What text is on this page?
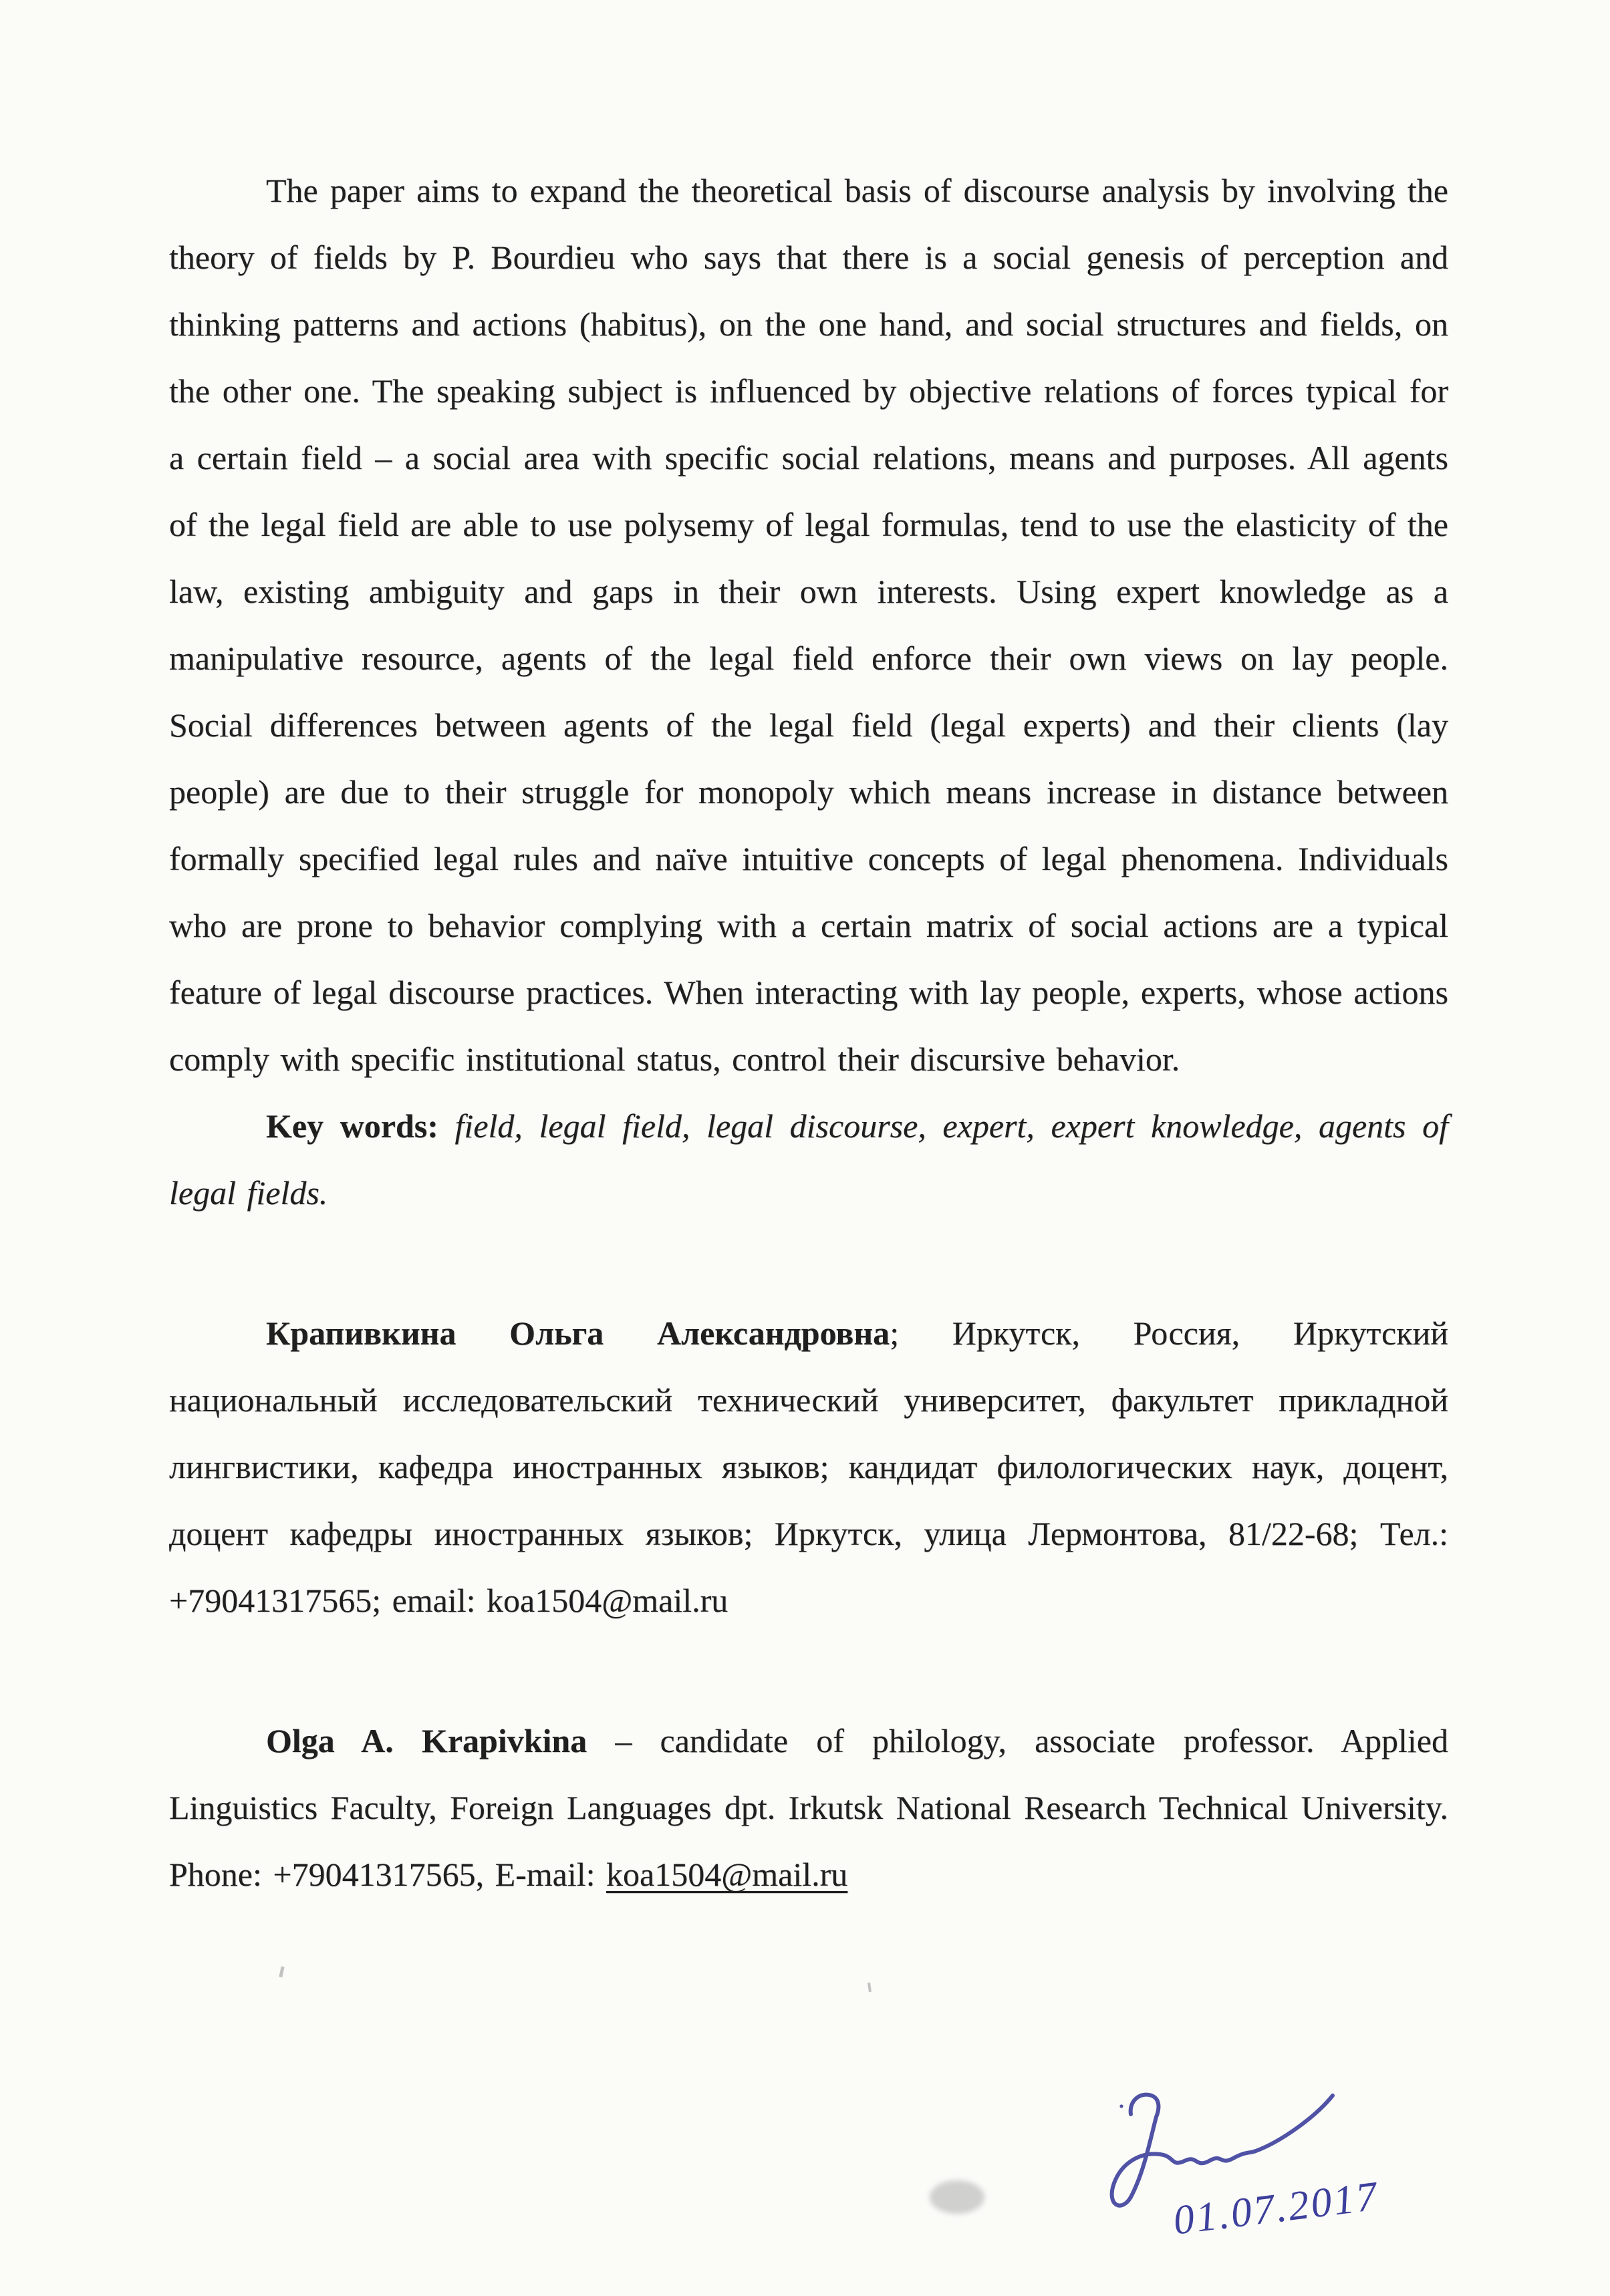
The paper aims to expand the theoretical basis of discourse analysis by involving the theory of fields by P. Bourdieu who says that there is a social genesis of perception and thinking patterns and actions (habitus), on the one hand, and social structures and fields, on the other one. The speaking subject is influenced by objective relations of forces typical for a certain field – a social area with specific social relations, means and purposes. All agents of the legal field are able to use polysemy of legal formulas, tend to use the elasticity of the law, existing ambiguity and gaps in their own interests. Using expert knowledge as a manipulative resource, agents of the legal field enforce their own views on lay people. Social differences between agents of the legal field (legal experts) and their clients (lay people) are due to their struggle for monopoly which means increase in distance between formally specified legal rules and naïve intuitive concepts of legal phenomena. Individuals who are prone to behavior complying with a certain matrix of social actions are a typical feature of legal discourse practices. When interacting with lay people, experts, whose actions comply with specific institutional status, control their discursive behavior.

Key words: field, legal field, legal discourse, expert, expert knowledge, agents of legal fields.

Крапивкина Ольга Александровна; Иркутск, Россия, Иркутский национальный исследовательский технический университет, факультет прикладной лингвистики, кафедра иностранных языков; кандидат филологических наук, доцент, доцент кафедры иностранных языков; Иркутск, улица Лермонтова, 81/22-68; Тел.: +79041317565; email: koa1504@mail.ru

Olga A. Krapivkina – candidate of philology, associate professor. Applied Linguistics Faculty, Foreign Languages dpt. Irkutsk National Research Technical University. Phone: +79041317565, E-mail: koa1504@mail.ru

01.07.2017
